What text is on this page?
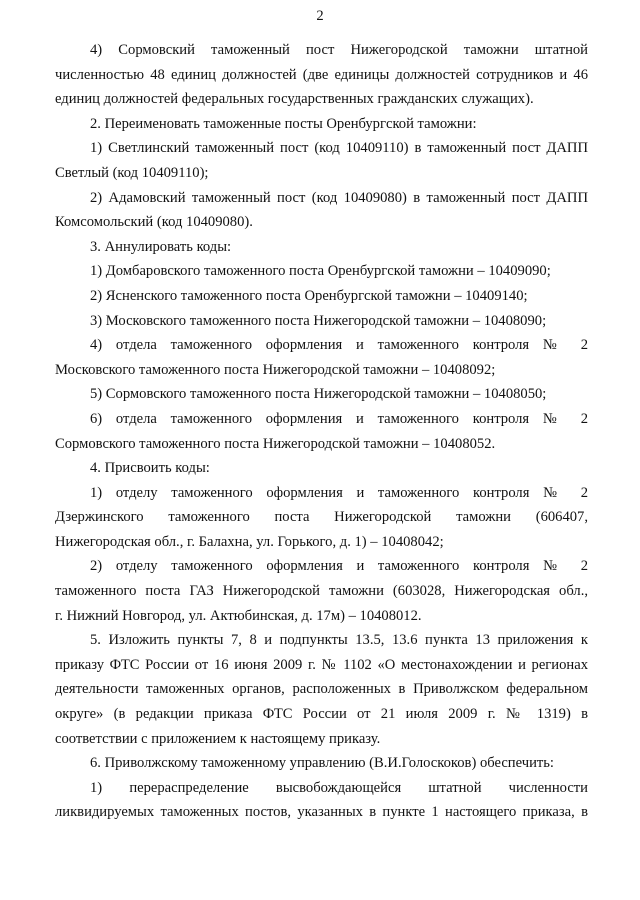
2

4) Сормовский таможенный пост Нижегородской таможни штатной

численностью 48 единиц должностей (две единицы должностей сотрудников и 46

единиц должностей федеральных государственных гражданских служащих).

2. Переименовать таможенные посты Оренбургской таможни:

1) Светлинский таможенный пост (код 10409110) в таможенный пост ДАПП

Светлый (код 10409110);

2) Адамовский таможенный пост (код 10409080) в таможенный пост ДАПП

Комсомольский (код 10409080).

3. Аннулировать коды:

1) Домбаровского таможенного поста Оренбургской таможни – 10409090;

2) Ясненского таможенного поста Оренбургской таможни – 10409140;

3) Московского таможенного поста Нижегородской таможни – 10408090;

4) отдела таможенного оформления и таможенного контроля № 2

Московского таможенного поста Нижегородской таможни – 10408092;

5) Сормовского таможенного поста Нижегородской таможни – 10408050;

6) отдела таможенного оформления и таможенного контроля № 2

Сормовского таможенного поста Нижегородской таможни – 10408052.

4. Присвоить коды:

1) отделу таможенного оформления и таможенного контроля № 2

Дзержинского таможенного поста Нижегородской таможни (606407,

Нижегородская обл., г. Балахна, ул. Горького, д. 1) – 10408042;

2) отделу таможенного оформления и таможенного контроля № 2

таможенного поста ГАЗ Нижегородской таможни (603028, Нижегородская обл.,

г. Нижний Новгород, ул. Актюбинская, д. 17м) – 10408012.

5. Изложить пункты 7, 8 и подпункты 13.5, 13.6 пункта 13 приложения к

приказу ФТС России от 16 июня 2009 г. № 1102 «О местонахождении и регионах

деятельности таможенных органов, расположенных в Приволжском федеральном

округе» (в редакции приказа ФТС России от 21 июля 2009 г. № 1319) в

соответствии с приложением к настоящему приказу.

6. Приволжскому таможенному управлению (В.И.Голоскоков) обеспечить:

1) перераспределение высвобождающейся штатной численности

ликвидируемых таможенных постов, указанных в пункте 1 настоящего приказа, в
